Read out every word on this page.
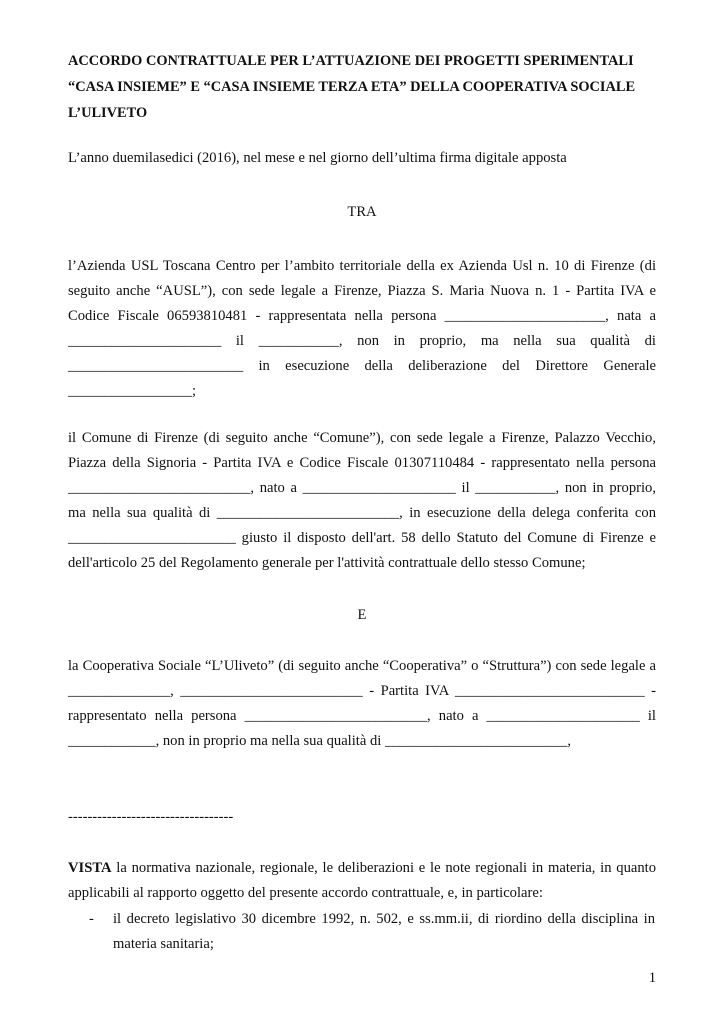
ACCORDO CONTRATTUALE PER L’ATTUAZIONE DEI PROGETTI SPERIMENTALI
“CASA INSIEME” E “CASA INSIEME TERZA ETA” DELLA COOPERATIVA SOCIALE
L’ULIVETO

L’anno duemilasedici (2016), nel mese e nel giorno dell’ultima firma digitale apposta

TRA

l’Azienda USL Toscana Centro per l’ambito territoriale della ex Azienda Usl n. 10 di Firenze (di
seguito anche “AUSL”), con sede legale a Firenze, Piazza S. Maria Nuova n. 1 - Partita IVA e
Codice Fiscale 06593810481 - rappresentata nella persona ______________________, nata a
_____________________ il ___________, non in proprio, ma nella sua qualità di
________________________ in esecuzione della deliberazione del Direttore Generale
_________________;
il Comune di Firenze (di seguito anche “Comune”), con sede legale a Firenze, Palazzo Vecchio,
Piazza della Signoria - Partita IVA e Codice Fiscale 01307110484 - rappresentato nella persona
_________________________, nato a _____________________ il ___________, non in proprio,
ma nella sua qualità di _________________________, in esecuzione della delega conferita con
_______________________ giusto il disposto dell'art. 58 dello Statuto del Comune di Firenze e
dell'articolo 25 del Regolamento generale per l'attività contrattuale dello stesso Comune;

E

la Cooperativa Sociale “L’Uliveto” (di seguito anche “Cooperativa” o “Struttura”) con sede legale a
______________, _________________________ - Partita IVA __________________________ -
rappresentato nella persona _________________________, nato a _____________________ il
____________, non in proprio ma nella sua qualità di _________________________,

----------------------------------

VISTA la normativa nazionale, regionale, le deliberazioni e le note regionali in materia, in quanto
applicabili al rapporto oggetto del presente accordo contrattuale, e, in particolare:
- il decreto legislativo 30 dicembre 1992, n. 502, e ss.mm.ii, di riordino della disciplina in
materia sanitaria;
1
